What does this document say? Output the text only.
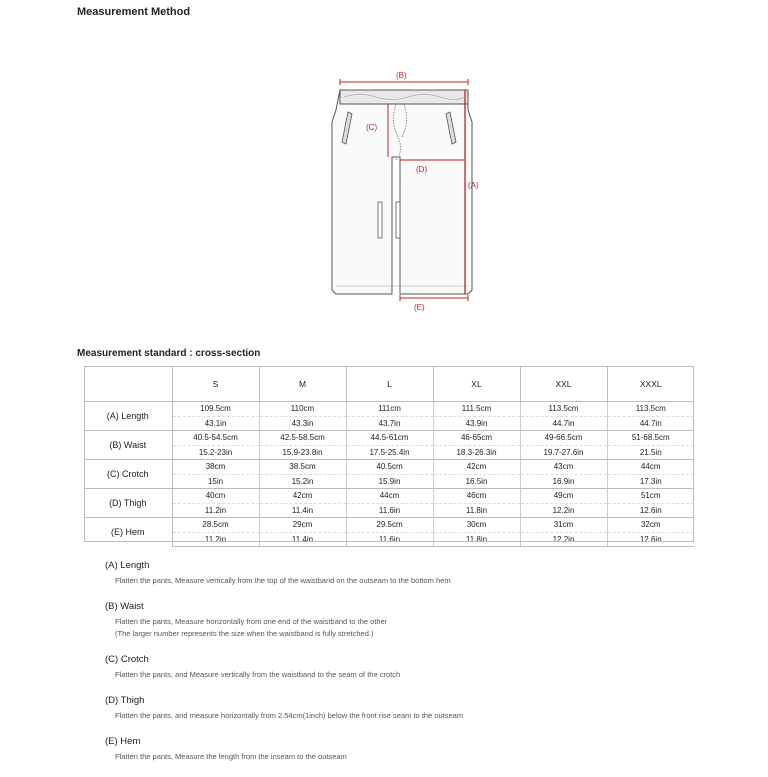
Measurement Method
(B)
(C)
(A)
(D)
(E)
Measurement standard : cross-section
	S	M	L	XL	XXL	XXXL
(A) Length	109.5cm	110cm	111cm	111.5cm	113.5cm	113.5cm
	43.1in	43.3in	43.7in	43.9in	44.7in	44.7in
(B) Waist	40.5-54.5cm	42.5-58.5cm	44.5-61cm	46-65cm	49-66.5cm	51-68.5cm
	15.2-23in	15.9-23.8in	17.5-25.4in	18.3-26.3in	19.7-27.6in	21.5in
(C) Crotch	38cm	38.5cm	40.5cm	42cm	43cm	44cm
	15in	15.2in	15.9in	16.5in	16.9in	17.3in
(D) Thigh	40cm	42cm	44cm	46cm	49cm	51cm
	11.2in	11.4in	11.6in	11.8in	12.2in	12.6in
(E) Hem	28.5cm	29cm	29.5cm	30cm	31cm	32cm
	11.2in	11.4in	11.6in	11.8in	12.2in	12.6in
(A) Length
Flatten the pants, Measure vertically from the top of the waistband on the outseam to the bottom hem
(B) Waist
Flatten the pants, Measure horizontally from one end of the waistband to the other
(The larger number represents the size when the waistband is fully stretched.)
(C) Crotch
Flatten the pants, and Measure vertically from the waistband to the seam of the crotch
(D) Thigh
Flatten the pants, and measure horizontally from 2.54cm(1inch) below the front rise seam to the outseam
(E) Hem
Flatten the pants, Measure the length from the inseam to the outseam
